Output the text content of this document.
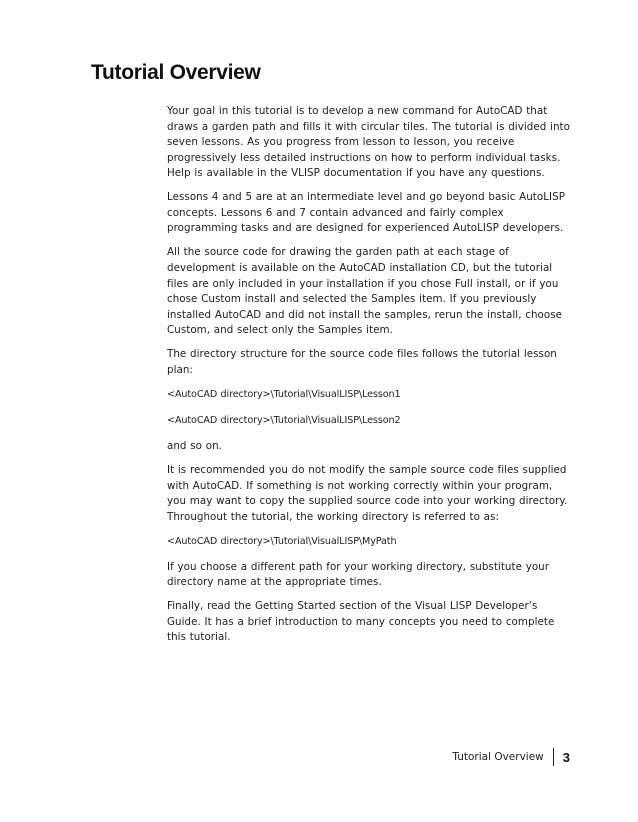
Tutorial Overview

Your goal in this tutorial is to develop a new command for AutoCAD that draws a garden path and fills it with circular tiles. The tutorial is divided into seven lessons. As you progress from lesson to lesson, you receive progressively less detailed instructions on how to perform individual tasks. Help is available in the VLISP documentation if you have any questions.

Lessons 4 and 5 are at an intermediate level and go beyond basic AutoLISP concepts. Lessons 6 and 7 contain advanced and fairly complex programming tasks and are designed for experienced AutoLISP developers.

All the source code for drawing the garden path at each stage of development is available on the AutoCAD installation CD, but the tutorial files are only included in your installation if you chose Full install, or if you chose Custom install and selected the Samples item. If you previously installed AutoCAD and did not install the samples, rerun the install, choose Custom, and select only the Samples item.

The directory structure for the source code files follows the tutorial lesson plan:

<AutoCAD directory>\Tutorial\VisualLISP\Lesson1

<AutoCAD directory>\Tutorial\VisualLISP\Lesson2

and so on.

It is recommended you do not modify the sample source code files supplied with AutoCAD. If something is not working correctly within your program, you may want to copy the supplied source code into your working directory. Throughout the tutorial, the working directory is referred to as:

<AutoCAD directory>\Tutorial\VisualLISP\MyPath

If you choose a different path for your working directory, substitute your directory name at the appropriate times.

Finally, read the Getting Started section of the Visual LISP Developer’s Guide. It has a brief introduction to many concepts you need to complete this tutorial.

Tutorial Overview 3
